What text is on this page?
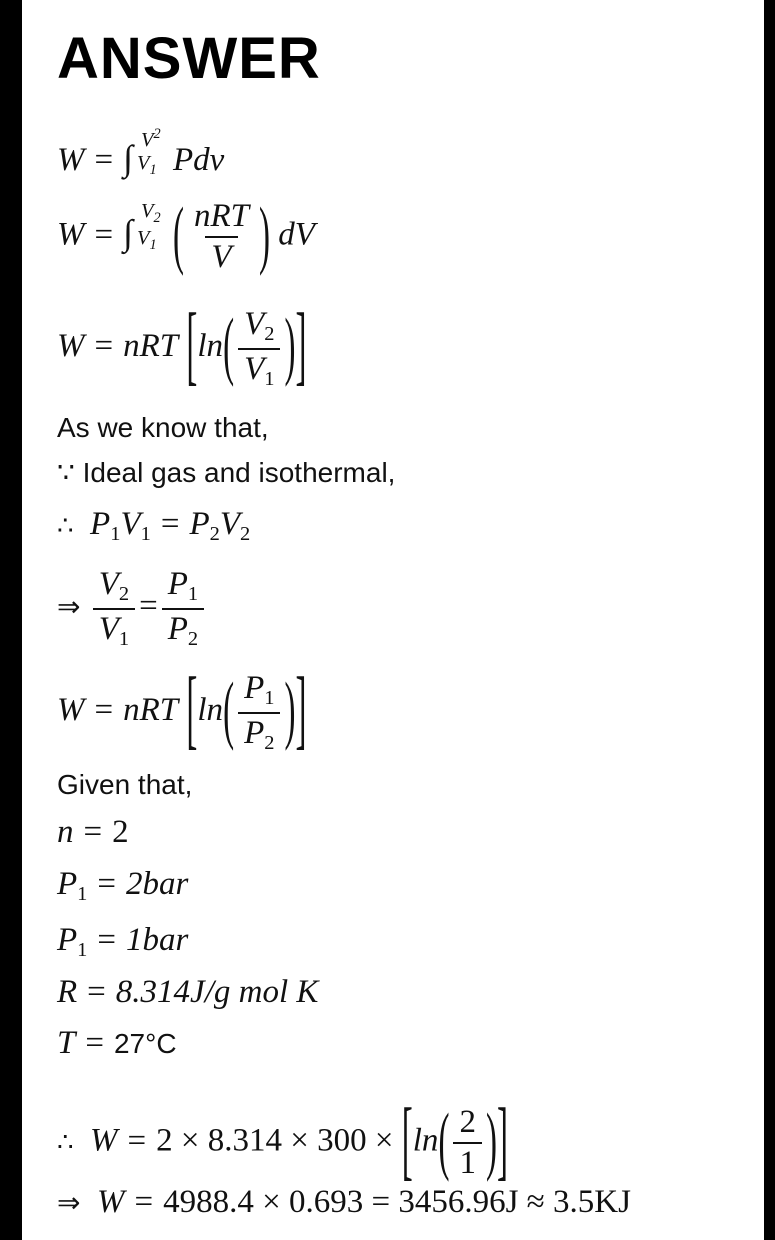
ANSWER
W = ∫ $V^2$
$V_1$ Pdv
W = ∫
$V_2$
$V_1$ ( $\frac{\text{nRT}}{V}$ ) dV
W = nRT [$\ln( \frac{V_2}{V_1}$ )]
As we know that,
∵ Ideal gas and isothermal,
∴ $P_1V_1 = P_2V_2$
⇒ $\frac{V_2}{V_1} = \frac{P_1}{P_2}$
W = nRT [$\ln( \frac{P_1}{P_2}$ )]
Given that,
n = 2
$P_1 = 2bar$
$P_1 = 1bar$
R = 8.314J/g mol K
T = 27°C
∴ $W = 2 \times 8.314 \times 300 \times [\ln( \frac{2}{1}$ )]
⇒ W = 4988.4 × 0.693 = 3456.96J ≈ 3.5KJ
